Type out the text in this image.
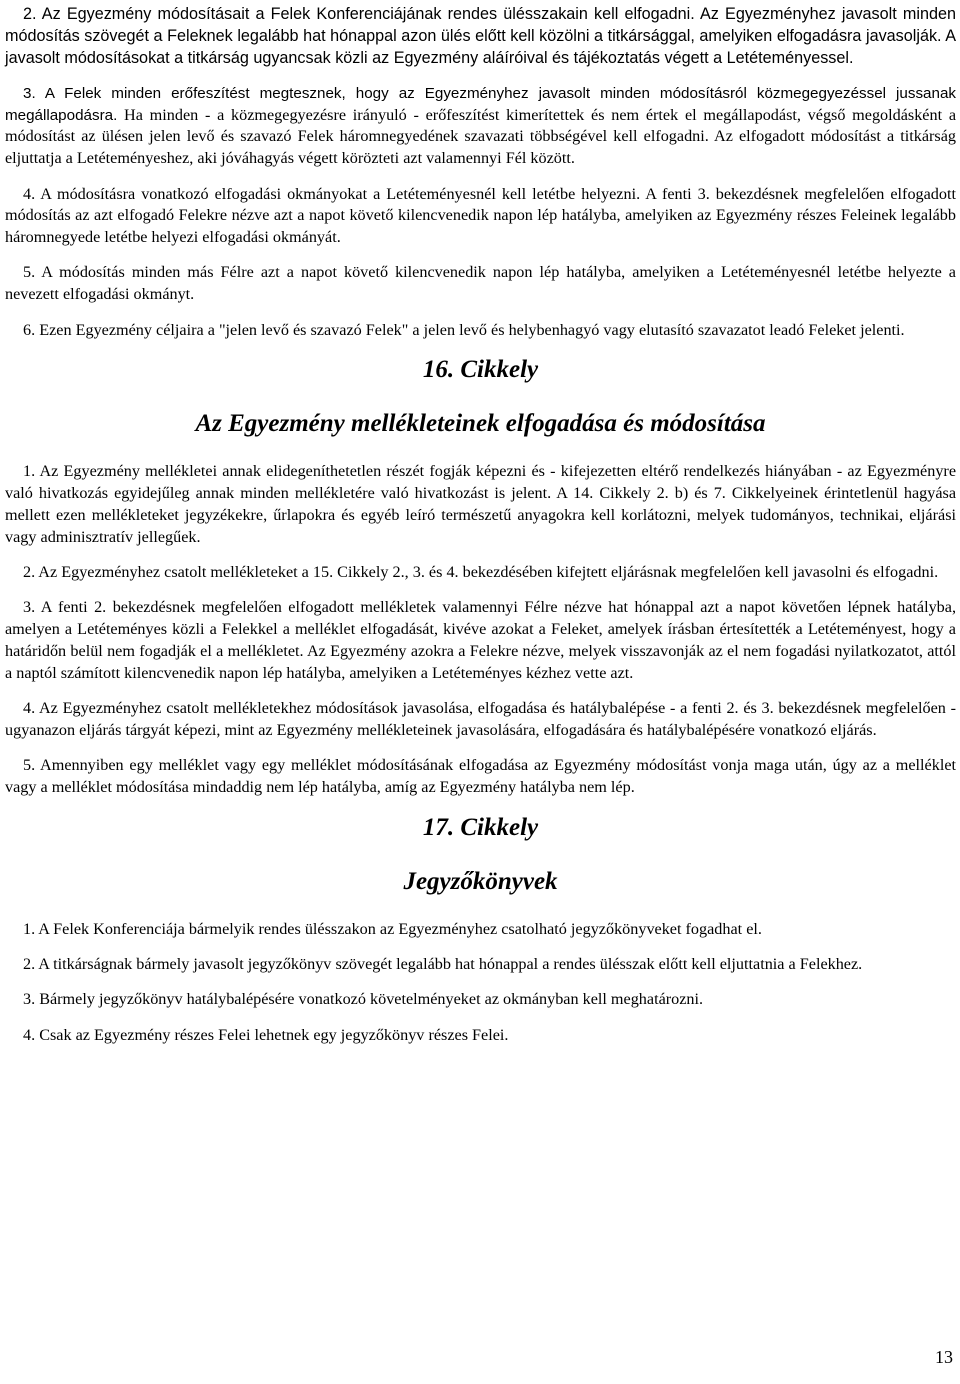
2. Az Egyezmény módosításait a Felek Konferenciájának rendes ülésszakain kell elfogadni. Az Egyezményhez javasolt minden módosítás szövegét a Feleknek legalább hat hónappal azon ülés előtt kell közölni a titkársággal, amelyiken elfogadásra javasolják. A javasolt módosításokat a titkárság ugyancsak közli az Egyezmény aláíróival és tájékoztatás végett a Letéteményessel.

3. A Felek minden erőfeszítést megtesznek, hogy az Egyezményhez javasolt minden módosításról közmegegyezéssel jussanak megállapodásra. Ha minden - a közmegegyezésre irányuló - erőfeszítést kimerítettek és nem értek el megállapodást, végső megoldásként a módosítást az ülésen jelen levő és szavazó Felek háromnegyedének szavazati többségével kell elfogadni. Az elfogadott módosítást a titkárság eljuttatja a Letéteményeshez, aki jóváhagyás végett körözteti azt valamennyi Fél között.

4. A módosításra vonatkozó elfogadási okmányokat a Letéteményesnél kell letétbe helyezni. A fenti 3. bekezdésnek megfelelően elfogadott módosítás az azt elfogadó Felekre nézve azt a napot követő kilencvenedik napon lép hatályba, amelyiken az Egyezmény részes Feleinek legalább háromnegyede letétbe helyezi elfogadási okmányát.

5. A módosítás minden más Félre azt a napot követő kilencvenedik napon lép hatályba, amelyiken a Letéteményesnél letétbe helyezte a nevezett elfogadási okmányt.

6. Ezen Egyezmény céljaira a "jelen levő és szavazó Felek" a jelen levő és helybenhagyó vagy elutasító szavazatot leadó Feleket jelenti.

16. Cikkely
Az Egyezmény mellékleteinek elfogadása és módosítása

1. Az Egyezmény mellékletei annak elidegeníthetetlen részét fogják képezni és - kifejezetten eltérő rendelkezés hiányában - az Egyezményre való hivatkozás egyidejűleg annak minden mellékletére való hivatkozást is jelent. A 14. Cikkely 2. b) és 7. Cikkelyeinek érintetlenül hagyása mellett ezen mellékleteket jegyzékekre, űrlapokra és egyéb leíró természetű anyagokra kell korlátozni, melyek tudományos, technikai, eljárási vagy adminisztratív jellegűek.

2. Az Egyezményhez csatolt mellékleteket a 15. Cikkely 2., 3. és 4. bekezdésében kifejtett eljárásnak megfelelően kell javasolni és elfogadni.

3. A fenti 2. bekezdésnek megfelelően elfogadott mellékletek valamennyi Félre nézve hat hónappal azt a napot követően lépnek hatályba, amelyen a Letéteményes közli a Felekkel a melléklet elfogadását, kivéve azokat a Feleket, amelyek írásban értesítették a Letéteményest, hogy a határidőn belül nem fogadják el a mellékletet. Az Egyezmény azokra a Felekre nézve, melyek visszavonják az el nem fogadási nyilatkozatot, attól a naptól számított kilencvenedik napon lép hatályba, amelyiken a Letéteményes kézhez vette azt.

4. Az Egyezményhez csatolt mellékletekhez módosítások javasolása, elfogadása és hatálybalépése - a fenti 2. és 3. bekezdésnek megfelelően - ugyanazon eljárás tárgyát képezi, mint az Egyezmény mellékleteinek javasolására, elfogadására és hatálybalépésére vonatkozó eljárás.

5. Amennyiben egy melléklet vagy egy melléklet módosításának elfogadása az Egyezmény módosítást vonja maga után, úgy az a melléklet vagy a melléklet módosítása mindaddig nem lép hatályba, amíg az Egyezmény hatályba nem lép.

17. Cikkely
Jegyzőkönyvek

1. A Felek Konferenciája bármelyik rendes ülésszakon az Egyezményhez csatolható jegyzőkönyveket fogadhat el.

2. A titkárságnak bármely javasolt jegyzőkönyv szövegét legalább hat hónappal a rendes ülésszak előtt kell eljuttatnia a Felekhez.

3. Bármely jegyzőkönyv hatálybalépésére vonatkozó követelményeket az okmányban kell meghatározni.

4. Csak az Egyezmény részes Felei lehetnek egy jegyzőkönyv részes Felei.

13
